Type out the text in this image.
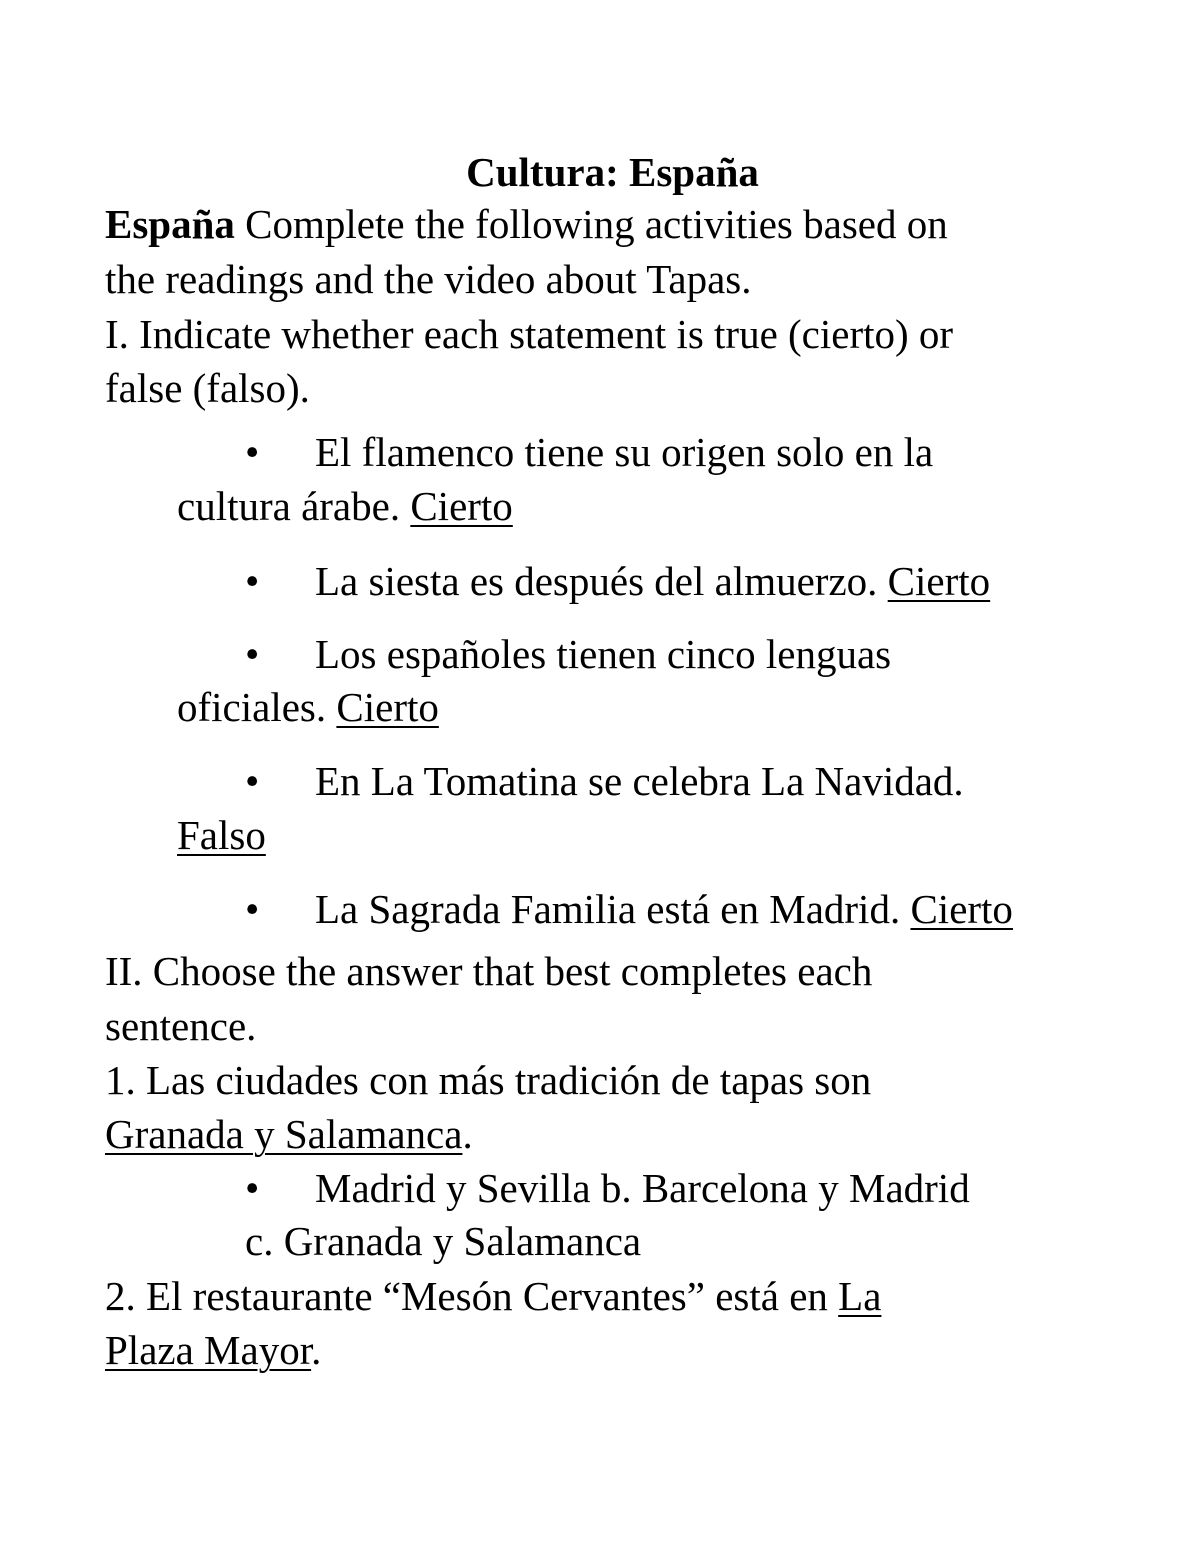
Cultura: España
España Complete the following activities based on
the readings and the video about Tapas.
I. Indicate whether each statement is true (cierto) or
false (falso).
• El flamenco tiene su origen solo en la
cultura árabe. Cierto
• La siesta es después del almuerzo. Cierto
• Los españoles tienen cinco lenguas
oficiales. Cierto
• En La Tomatina se celebra La Navidad.
Falso
• La Sagrada Familia está en Madrid. Cierto
II. Choose the answer that best completes each
sentence.
1. Las ciudades con más tradición de tapas son
Granada y Salamanca.
• Madrid y Sevilla b. Barcelona y Madrid
c. Granada y Salamanca
2. El restaurante “Mesón Cervantes” está en La
Plaza Mayor.
